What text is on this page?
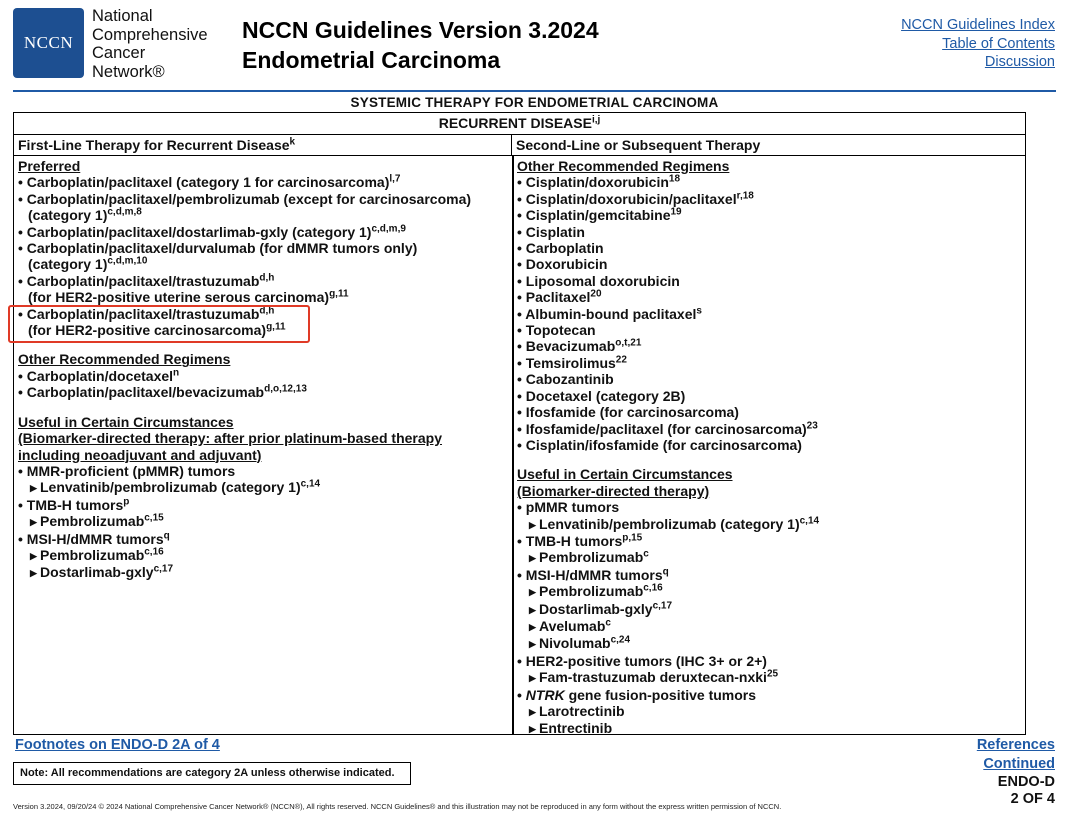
NCCN
National
Comprehensive
Cancer
Network®
NCCN Guidelines Version 3.2024
Endometrial Carcinoma
NCCN Guidelines Index
Table of Contents
Discussion
SYSTEMIC THERAPY FOR ENDOMETRIAL CARCINOMA
RECURRENT DISEASE$^{i,j}$
First-Line Therapy for Recurrent Disease$^k$	Second-Line or Subsequent Therapy
Preferred
• Carboplatin/paclitaxel (category 1 for carcinosarcoma)$^{l,7}$
• Carboplatin/paclitaxel/pembrolizumab (except for carcinosarcoma)
(category 1)$^{c,d,m,8}$
• Carboplatin/paclitaxel/dostarlimab-gxly (category 1)$^{c,d,m,9}$
• Carboplatin/paclitaxel/durvalumab (for dMMR tumors only)
(category 1)$^{c,d,m,10}$
• Carboplatin/paclitaxel/trastuzumab$^{d,h}$
(for HER2-positive uterine serous carcinoma)$^{g,11}$
• Carboplatin/paclitaxel/trastuzumab$^{d,h}$
(for HER2-positive carcinosarcoma)$^{g,11}$
Other Recommended Regimens
• Carboplatin/docetaxel$^n$
• Carboplatin/paclitaxel/bevacizumab$^{d,o,12,13}$
Useful in Certain Circumstances
(Biomarker-directed therapy: after prior platinum-based therapy
including neoadjuvant and adjuvant)
• MMR-proficient (pMMR) tumors
▶ Lenvatinib/pembrolizumab (category 1)$^{c,14}$
• TMB-H tumors$^p$
▶ Pembrolizumab$^{c,15}$
• MSI-H/dMMR tumors$^q$
▶ Pembrolizumab$^{c,16}$
▶ Dostarlimab-gxly$^{c,17}$
Other Recommended Regimens
• Cisplatin/doxorubicin$^{18}$
• Cisplatin/doxorubicin/paclitaxel$^{r,18}$
• Cisplatin/gemcitabine$^{19}$
• Cisplatin
• Carboplatin
• Doxorubicin
• Liposomal doxorubicin
• Paclitaxel$^{20}$
• Albumin-bound paclitaxel$^s$
• Topotecan
• Bevacizumab$^{o,t,21}$
• Temsirolimus$^{22}$
• Cabozantinib
• Docetaxel (category 2B)
• Ifosfamide (for carcinosarcoma)
• Ifosfamide/paclitaxel (for carcinosarcoma)$^{23}$
• Cisplatin/ifosfamide (for carcinosarcoma)
Useful in Certain Circumstances
(Biomarker-directed therapy)
• pMMR tumors
▶ Lenvatinib/pembrolizumab (category 1)$^{c,14}$
• TMB-H tumors$^{p,15}$
▶ Pembrolizumab$^c$
• MSI-H/dMMR tumors$^q$
▶ Pembrolizumab$^{c,16}$
▶ Dostarlimab-gxly$^{c,17}$
▶ Avelumab$^c$
▶ Nivolumab$^{c,24}$
• HER2-positive tumors (IHC 3+ or 2+)
▶ Fam-trastuzumab deruxtecan-nxki$^{25}$
• NTRK gene fusion-positive tumors
▶ Larotrectinib
▶ Entrectinib
Footnotes on ENDO-D 2A of 4	References
Continued
Note: All recommendations are category 2A unless otherwise indicated.
ENDO-D
2 OF 4
Version 3.2024, 09/20/24 © 2024 National Comprehensive Cancer Network® (NCCN®), All rights reserved. NCCN Guidelines® and this illustration may not be reproduced in any form without the express written permission of NCCN.
